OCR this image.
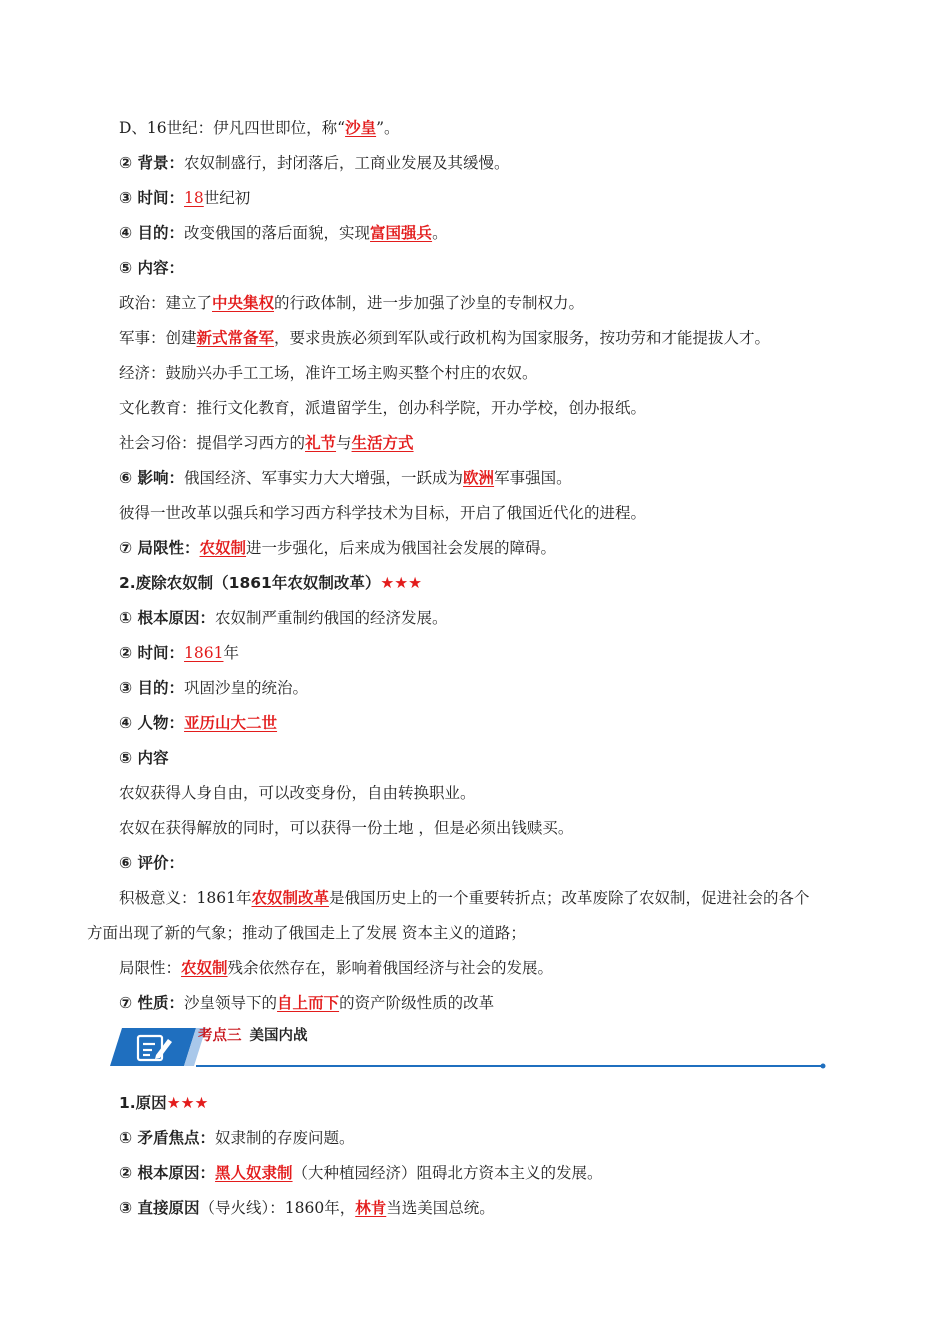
D、16世纪：伊凡四世即位，称“沙皇”。
② 背景：农奴制盛行，封闭落后，工商业发展及其缓慢。
③ 时间：18世纪初
④ 目的：改变俄国的落后面貌，实现富国强兵。
⑤ 内容：
政治：建立了中央集权的行政体制，进一步加强了沙皇的专制权力。
军事：创建新式常备军，要求贵族必须到军队或行政机构为国家服务，按功劳和才能提拔人才。
经济：鼓励兴办手工工场，准许工场主购买整个村庄的农奴。
文化教育：推行文化教育，派遣留学生，创办科学院，开办学校，创办报纸。
社会习俗：提倡学习西方的礼节与生活方式
⑥ 影响：俄国经济、军事实力大大增强，一跃成为欧洲军事强国。
彼得一世改革以强兵和学习西方科学技术为目标，开启了俄国近代化的进程。
⑦ 局限性：农奴制进一步强化，后来成为俄国社会发展的障碍。
2.废除农奴制（1861年农奴制改革）★★★
① 根本原因：农奴制严重制约俄国的经济发展。
② 时间：1861年
③ 目的：巩固沙皇的统治。
④ 人物：亚历山大二世
⑤ 内容
农奴获得人身自由，可以改变身份，自由转换职业。
农奴在获得解放的同时，可以获得一份土地 ，但是必须出钱赎买。
⑥ 评价：
积极意义：1861年农奴制改革是俄国历史上的一个重要转折点；改革废除了农奴制，促进社会的各个
方面出现了新的气象；推动了俄国走上了发展 资本主义的道路；
局限性：农奴制残余依然存在，影响着俄国经济与社会的发展。
⑦ 性质：沙皇领导下的自上而下的资产阶级性质的改革
考点三 美国内战
1.原因★★★
① 矛盾焦点：奴隶制的存废问题。
② 根本原因：黑人奴隶制（大种植园经济）阻碍北方资本主义的发展。
③ 直接原因（导火线）：1860年，林肯当选美国总统。
